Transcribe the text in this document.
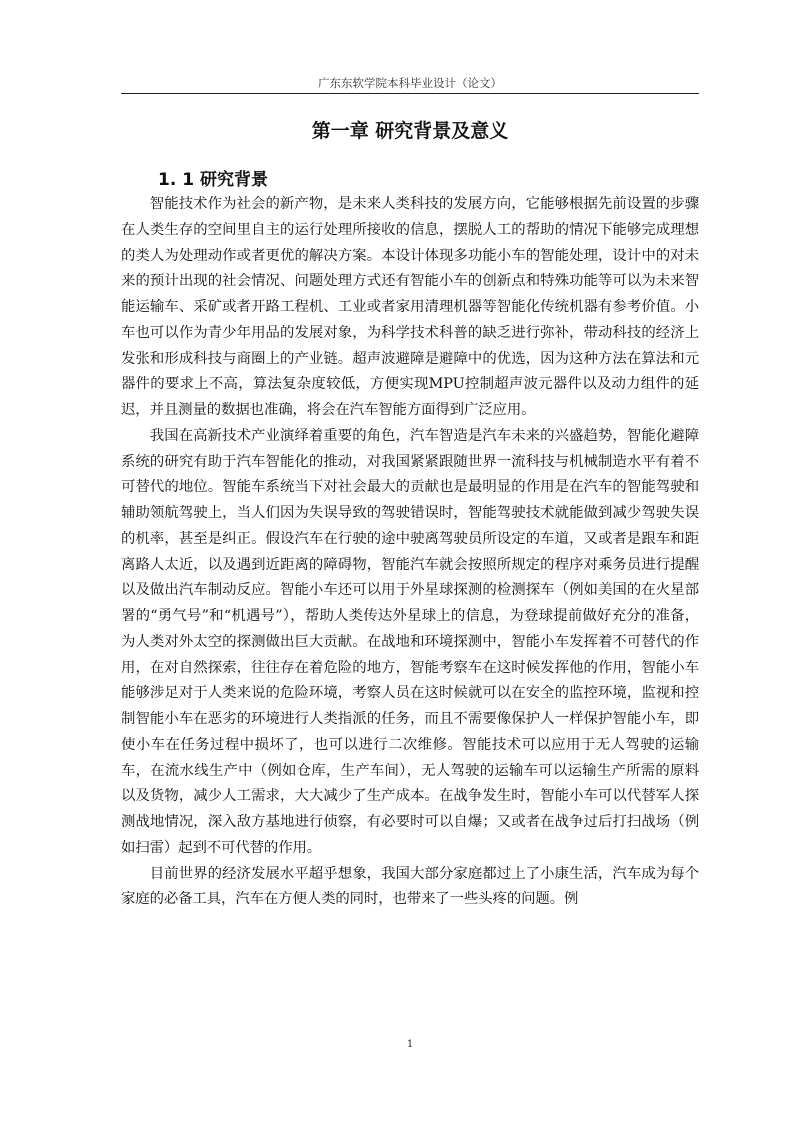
广东东软学院本科毕业设计（论文）
第一章 研究背景及意义
1. 1 研究背景

智能技术作为社会的新产物，是未来人类科技的发展方向，它能够根据先前设置的步骤在人类生存的空间里自主的运行处理所接收的信息，摆脱人工的帮助的情况下能够完成理想的类人为处理动作或者更优的解决方案。本设计体现多功能小车的智能处理，设计中的对未来的预计出现的社会情况、问题处理方式还有智能小车的创新点和特殊功能等可以为未来智能运输车、采矿或者开路工程机、工业或者家用清理机器等智能化传统机器有参考价值。小车也可以作为青少年用品的发展对象，为科学技术科普的缺乏进行弥补，带动科技的经济上发张和形成科技与商圈上的产业链。超声波避障是避障中的优选，因为这种方法在算法和元器件的要求上不高，算法复杂度较低，方便实现MPU控制超声波元器件以及动力组件的延迟，并且测量的数据也准确，将会在汽车智能方面得到广泛应用。

我国在高新技术产业演绎着重要的角色，汽车智造是汽车未来的兴盛趋势，智能化避障系统的研究有助于汽车智能化的推动，对我国紧紧跟随世界一流科技与机械制造水平有着不可替代的地位。智能车系统当下对社会最大的贡献也是最明显的作用是在汽车的智能驾驶和辅助领航驾驶上，当人们因为失误导致的驾驶错误时，智能驾驶技术就能做到减少驾驶失误的机率，甚至是纠正。假设汽车在行驶的途中驶离驾驶员所设定的车道，又或者是跟车和距离路人太近，以及遇到近距离的障碍物，智能汽车就会按照所规定的程序对乘务员进行提醒以及做出汽车制动反应。智能小车还可以用于外星球探测的检测探车（例如美国的在火星部署的“勇气号”和“机遇号”），帮助人类传达外星球上的信息，为登球提前做好充分的准备，为人类对外太空的探测做出巨大贡献。在战地和环境探测中，智能小车发挥着不可替代的作用，在对自然探索，往往存在着危险的地方，智能考察车在这时候发挥他的作用，智能小车能够涉足对于人类来说的危险环境，考察人员在这时候就可以在安全的监控环境，监视和控制智能小车在恶劣的环境进行人类指派的任务，而且不需要像保护人一样保护智能小车，即使小车在任务过程中损坏了，也可以进行二次维修。智能技术可以应用于无人驾驶的运输车，在流水线生产中（例如仓库，生产车间），无人驾驶的运输车可以运输生产所需的原料以及货物，减少人工需求，大大减少了生产成本。在战争发生时，智能小车可以代替军人探测战地情况，深入敌方基地进行侦察，有必要时可以自爆；又或者在战争过后打扫战场（例如扫雷）起到不可代替的作用。

目前世界的经济发展水平超乎想象，我国大部分家庭都过上了小康生活，汽车成为每个家庭的必备工具，汽车在方便人类的同时，也带来了一些头疼的问题。例

1
